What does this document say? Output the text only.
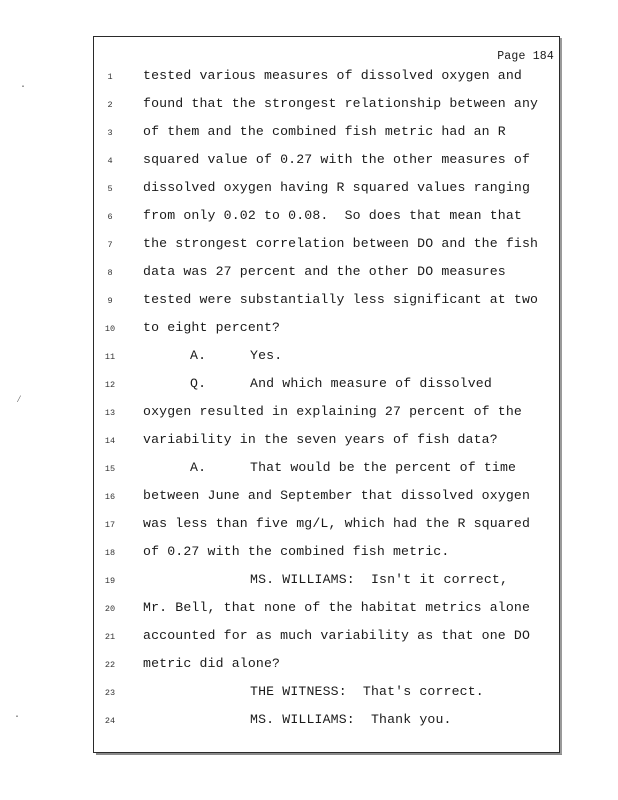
·
⁄
·
Page 184
1	tested various measures of dissolved oxygen and
2	found that the strongest relationship between any
3	of them and the combined fish metric had an R
4	squared value of 0.27 with the other measures of
5	dissolved oxygen having R squared values ranging
6	from only 0.02 to 0.08.  So does that mean that
7	the strongest correlation between DO and the fish
8	data was 27 percent and the other DO measures
9	tested were substantially less significant at two
10	to eight percent?
11	A.	Yes.
12	Q.	And which measure of dissolved
13	oxygen resulted in explaining 27 percent of the
14	variability in the seven years of fish data?
15	A.	That would be the percent of time
16	between June and September that dissolved oxygen
17	was less than five mg/L, which had the R squared
18	of 0.27 with the combined fish metric.
19	MS. WILLIAMS:  Isn't it correct,
20	Mr. Bell, that none of the habitat metrics alone
21	accounted for as much variability as that one DO
22	metric did alone?
23	THE WITNESS:  That's correct.
24	MS. WILLIAMS:  Thank you.
